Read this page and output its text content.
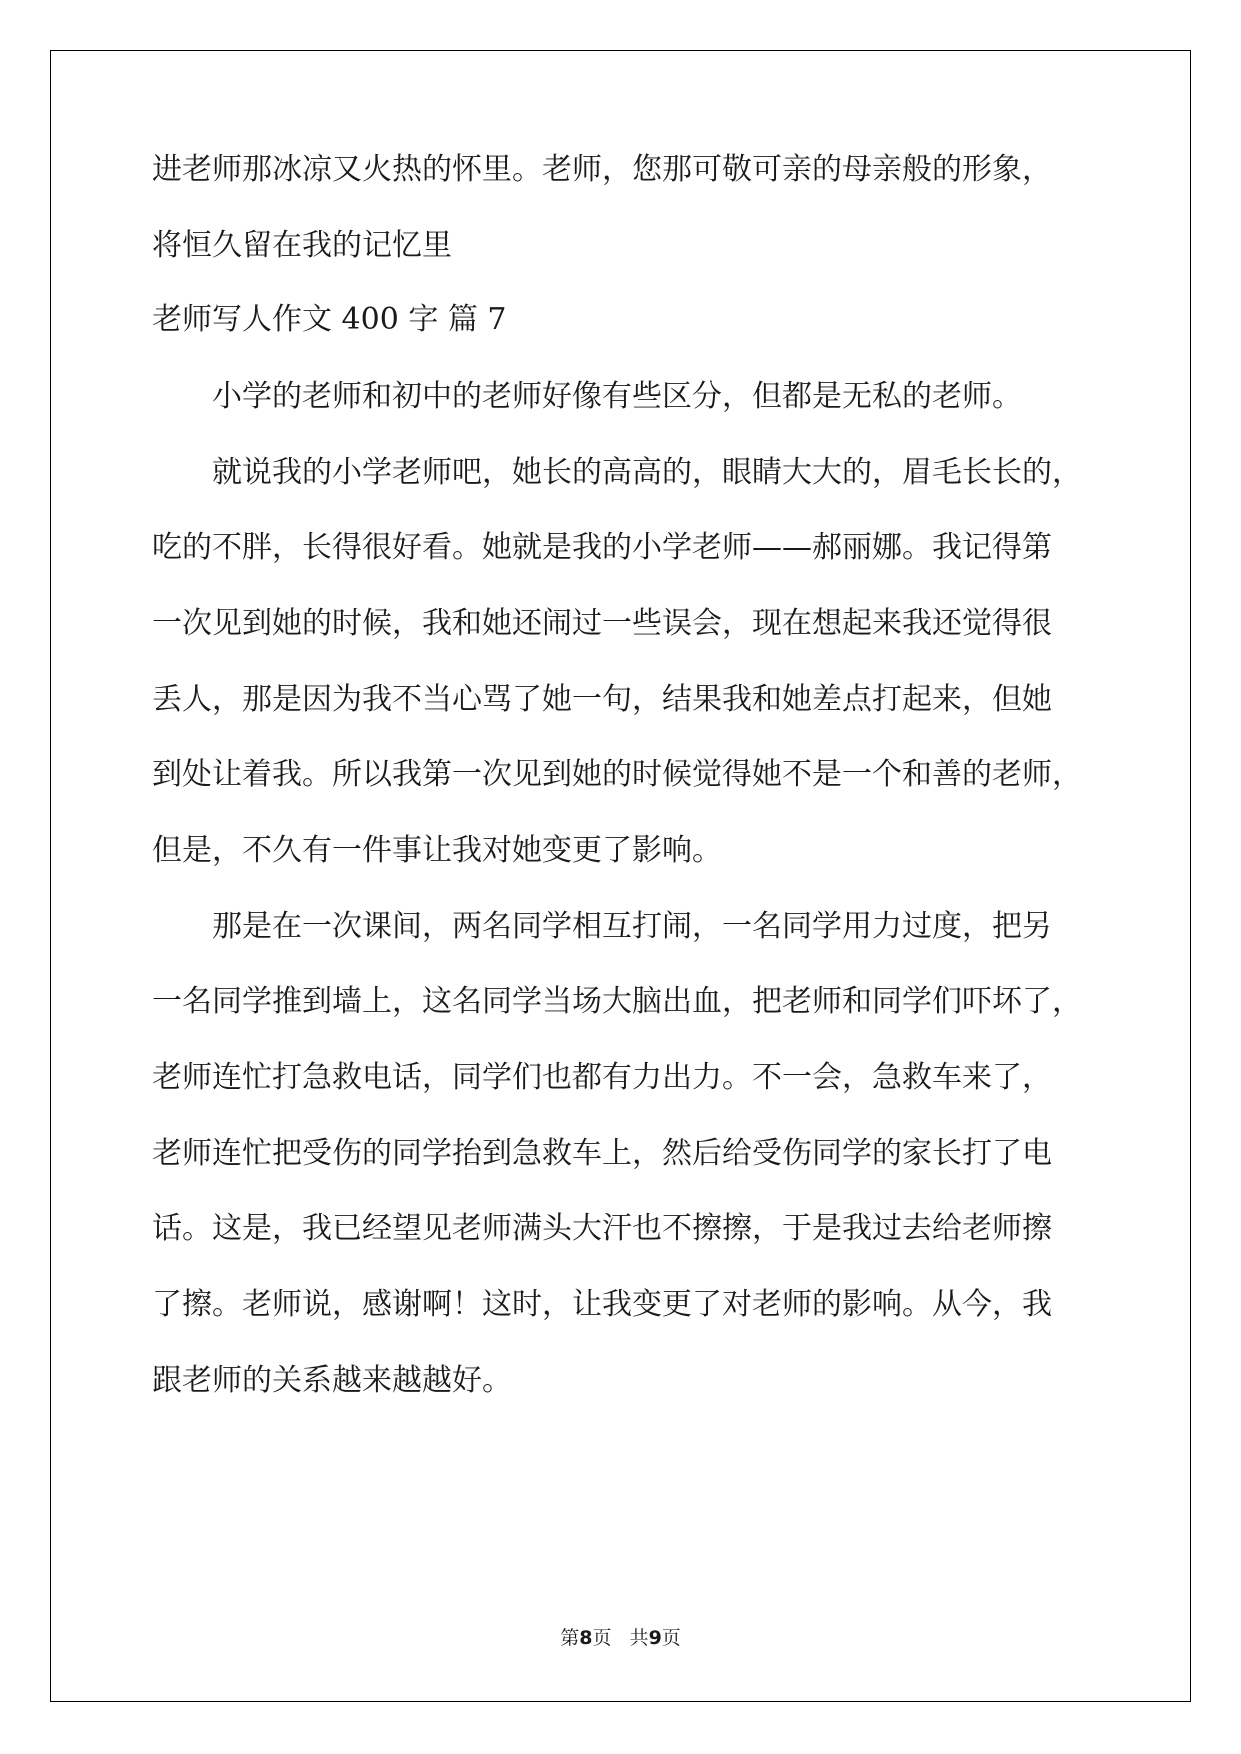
进老师那冰凉又火热的怀里。老师，您那可敬可亲的母亲般的形象，

将恒久留在我的记忆里

老师写人作文 400 字 篇 7

小学的老师和初中的老师好像有些区分，但都是无私的老师。

就说我的小学老师吧，她长的高高的，眼睛大大的，眉毛长长的，

吃的不胖，长得很好看。她就是我的小学老师——郝丽娜。我记得第

一次见到她的时候，我和她还闹过一些误会，现在想起来我还觉得很

丢人，那是因为我不当心骂了她一句，结果我和她差点打起来，但她

到处让着我。所以我第一次见到她的时候觉得她不是一个和善的老师，

但是，不久有一件事让我对她变更了影响。

那是在一次课间，两名同学相互打闹，一名同学用力过度，把另

一名同学推到墙上，这名同学当场大脑出血，把老师和同学们吓坏了，

老师连忙打急救电话，同学们也都有力出力。不一会，急救车来了，

老师连忙把受伤的同学抬到急救车上，然后给受伤同学的家长打了电

话。这是，我已经望见老师满头大汗也不擦擦，于是我过去给老师擦

了擦。老师说，感谢啊！这时，让我变更了对老师的影响。从今，我

跟老师的关系越来越越好。

第8页   共9页
